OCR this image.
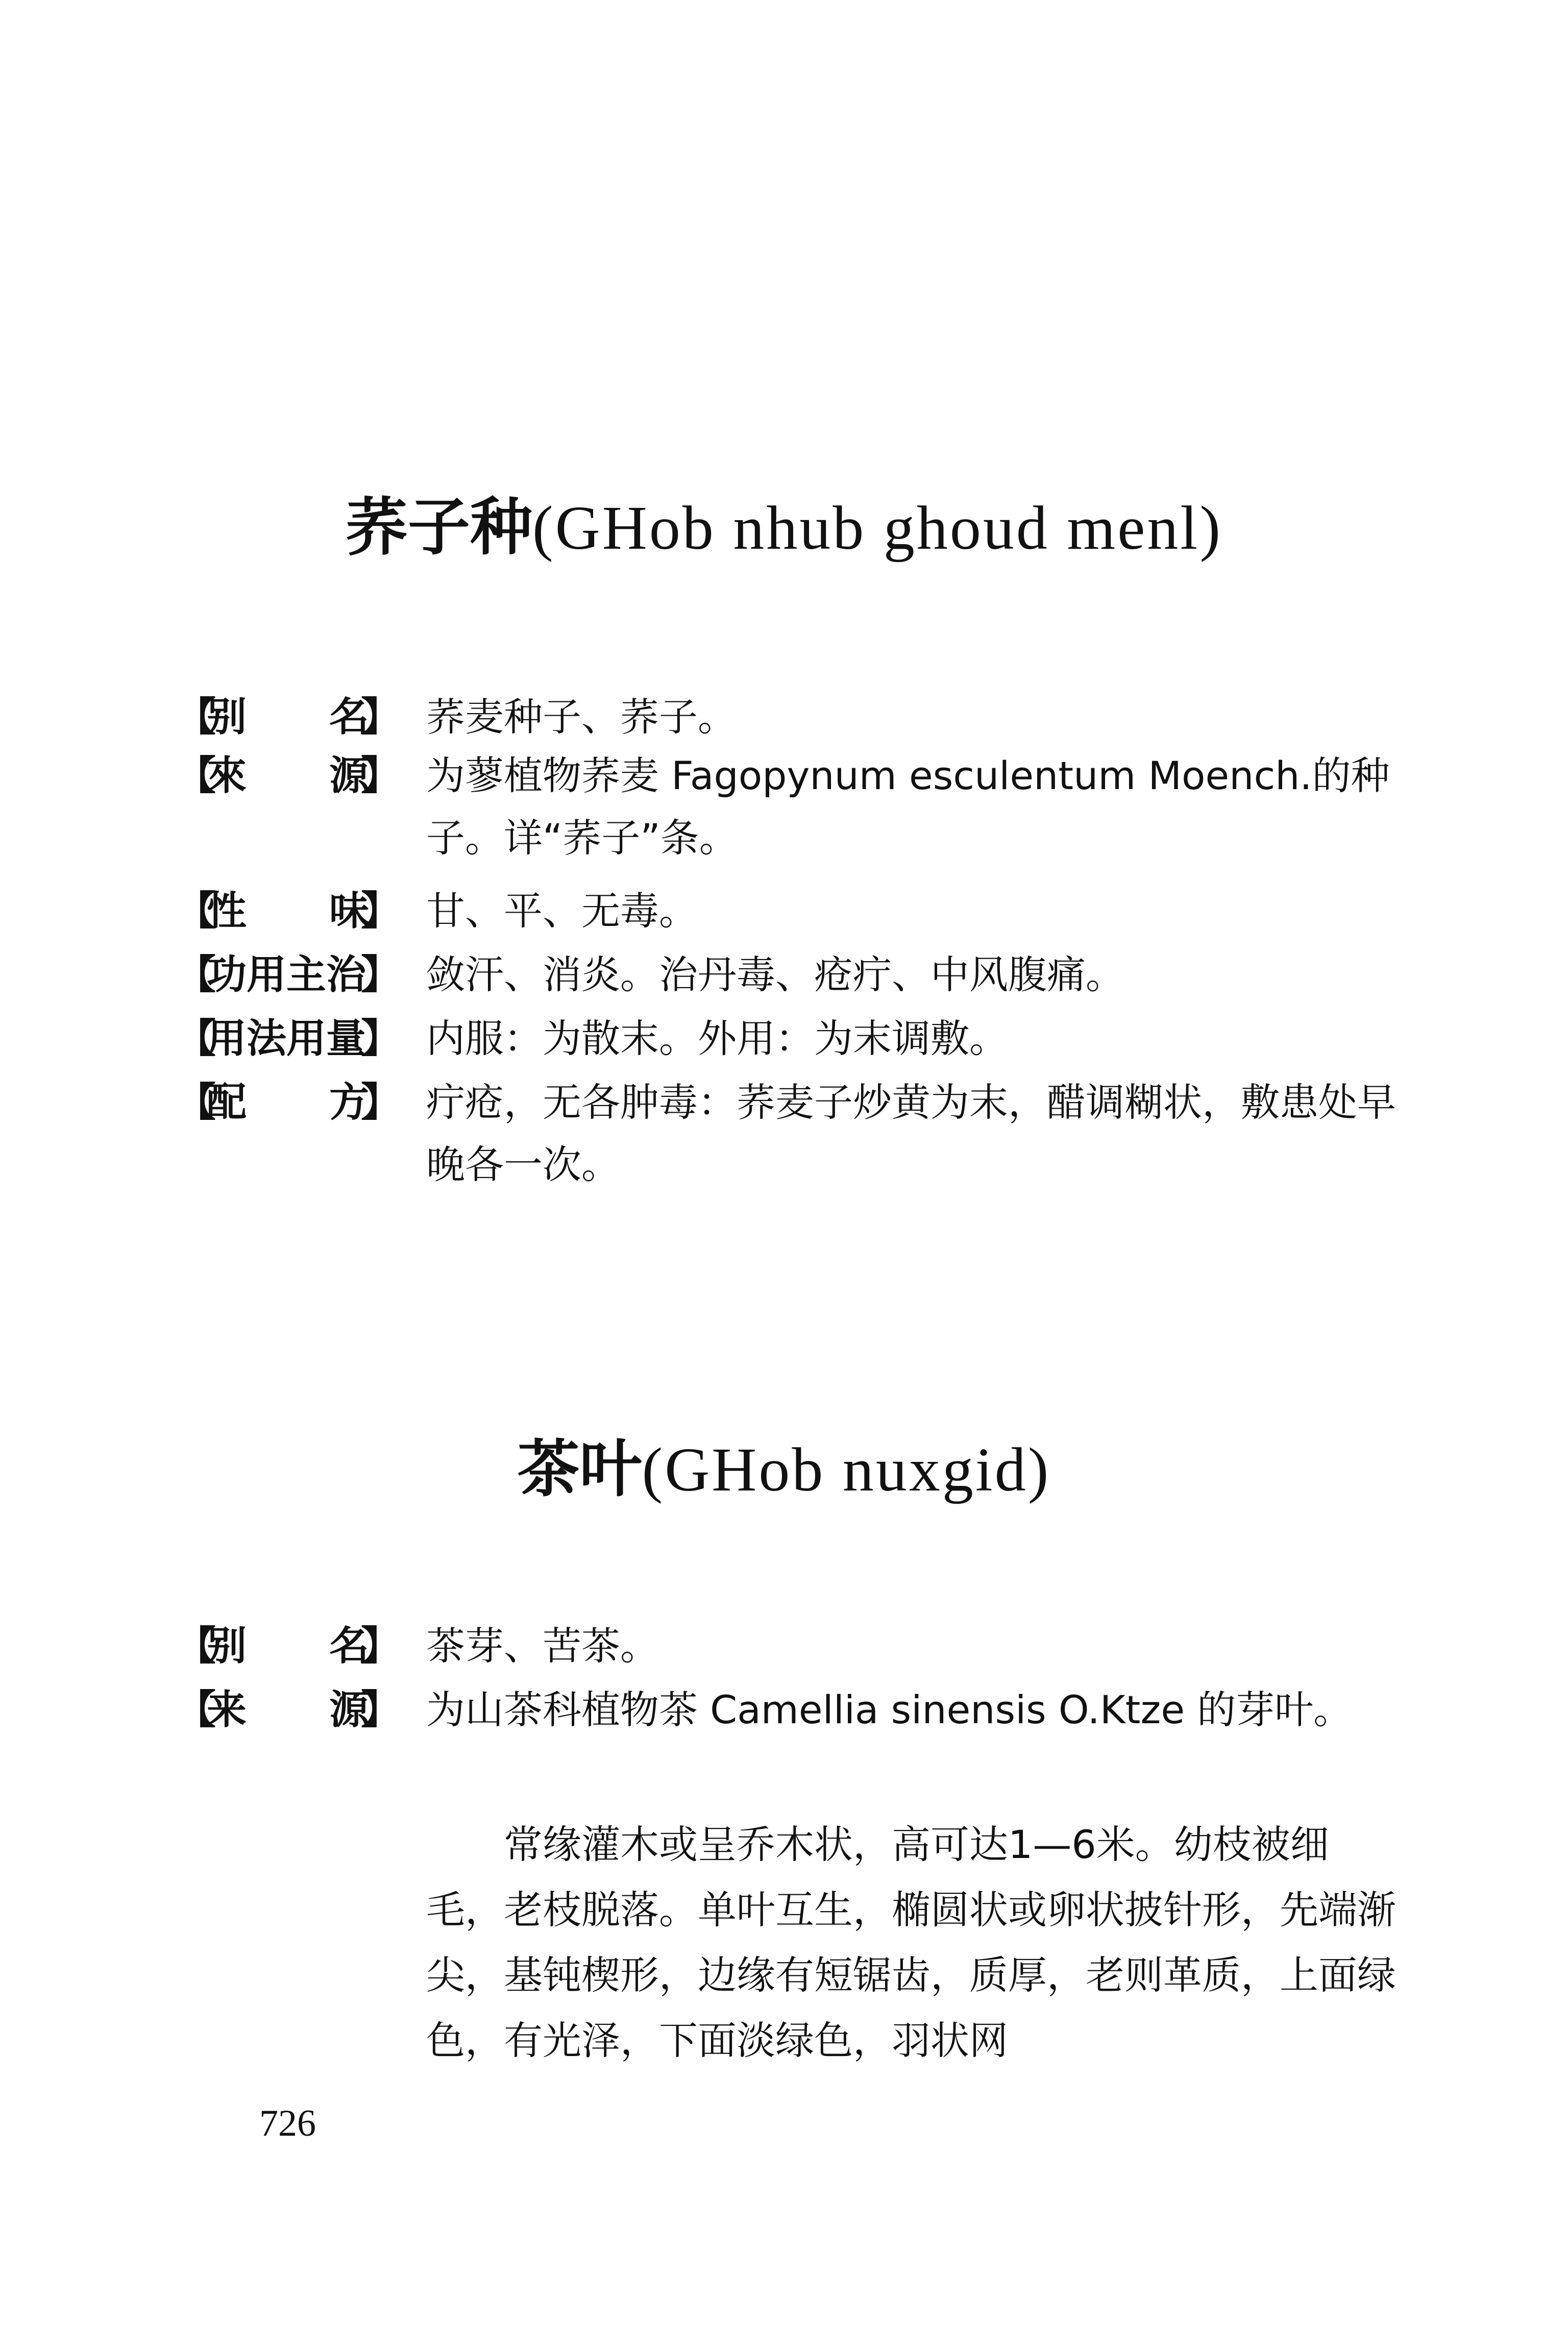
荞子种(GHob nhub ghoud menl)
【
别 名
】 荞麦种子、荞子。
【
來 源
】 为蓼植物荞麦 Fagopynum esculentum Moench.的种子。详“荞子”条。
【
性 味
】 甘、平、无毒。
【
功用主治
】 敛汗、消炎。治丹毒、疮疔、中风腹痛。
【
用法用量
】 内服：为散末。外用：为末调敷。
【
配 方
】 疔疮，无各肿毒：荞麦子炒黄为末，醋调糊状，敷患处早晚各一次。
茶叶(GHob nuxgid)
【
别 名
】 茶芽、苦茶。
【
来 源
】 为山茶科植物茶 Camellia sinensis O.Ktze 的芽叶。
常缘灌木或呈乔木状，高可达1—6米。幼枝被细毛，老枝脱落。单叶互生，椭圆状或卵状披针形，先端渐尖，基钝楔形，边缘有短锯齿，质厚，老则革质，上面绿色，有光泽，下面淡绿色，羽状网
726
